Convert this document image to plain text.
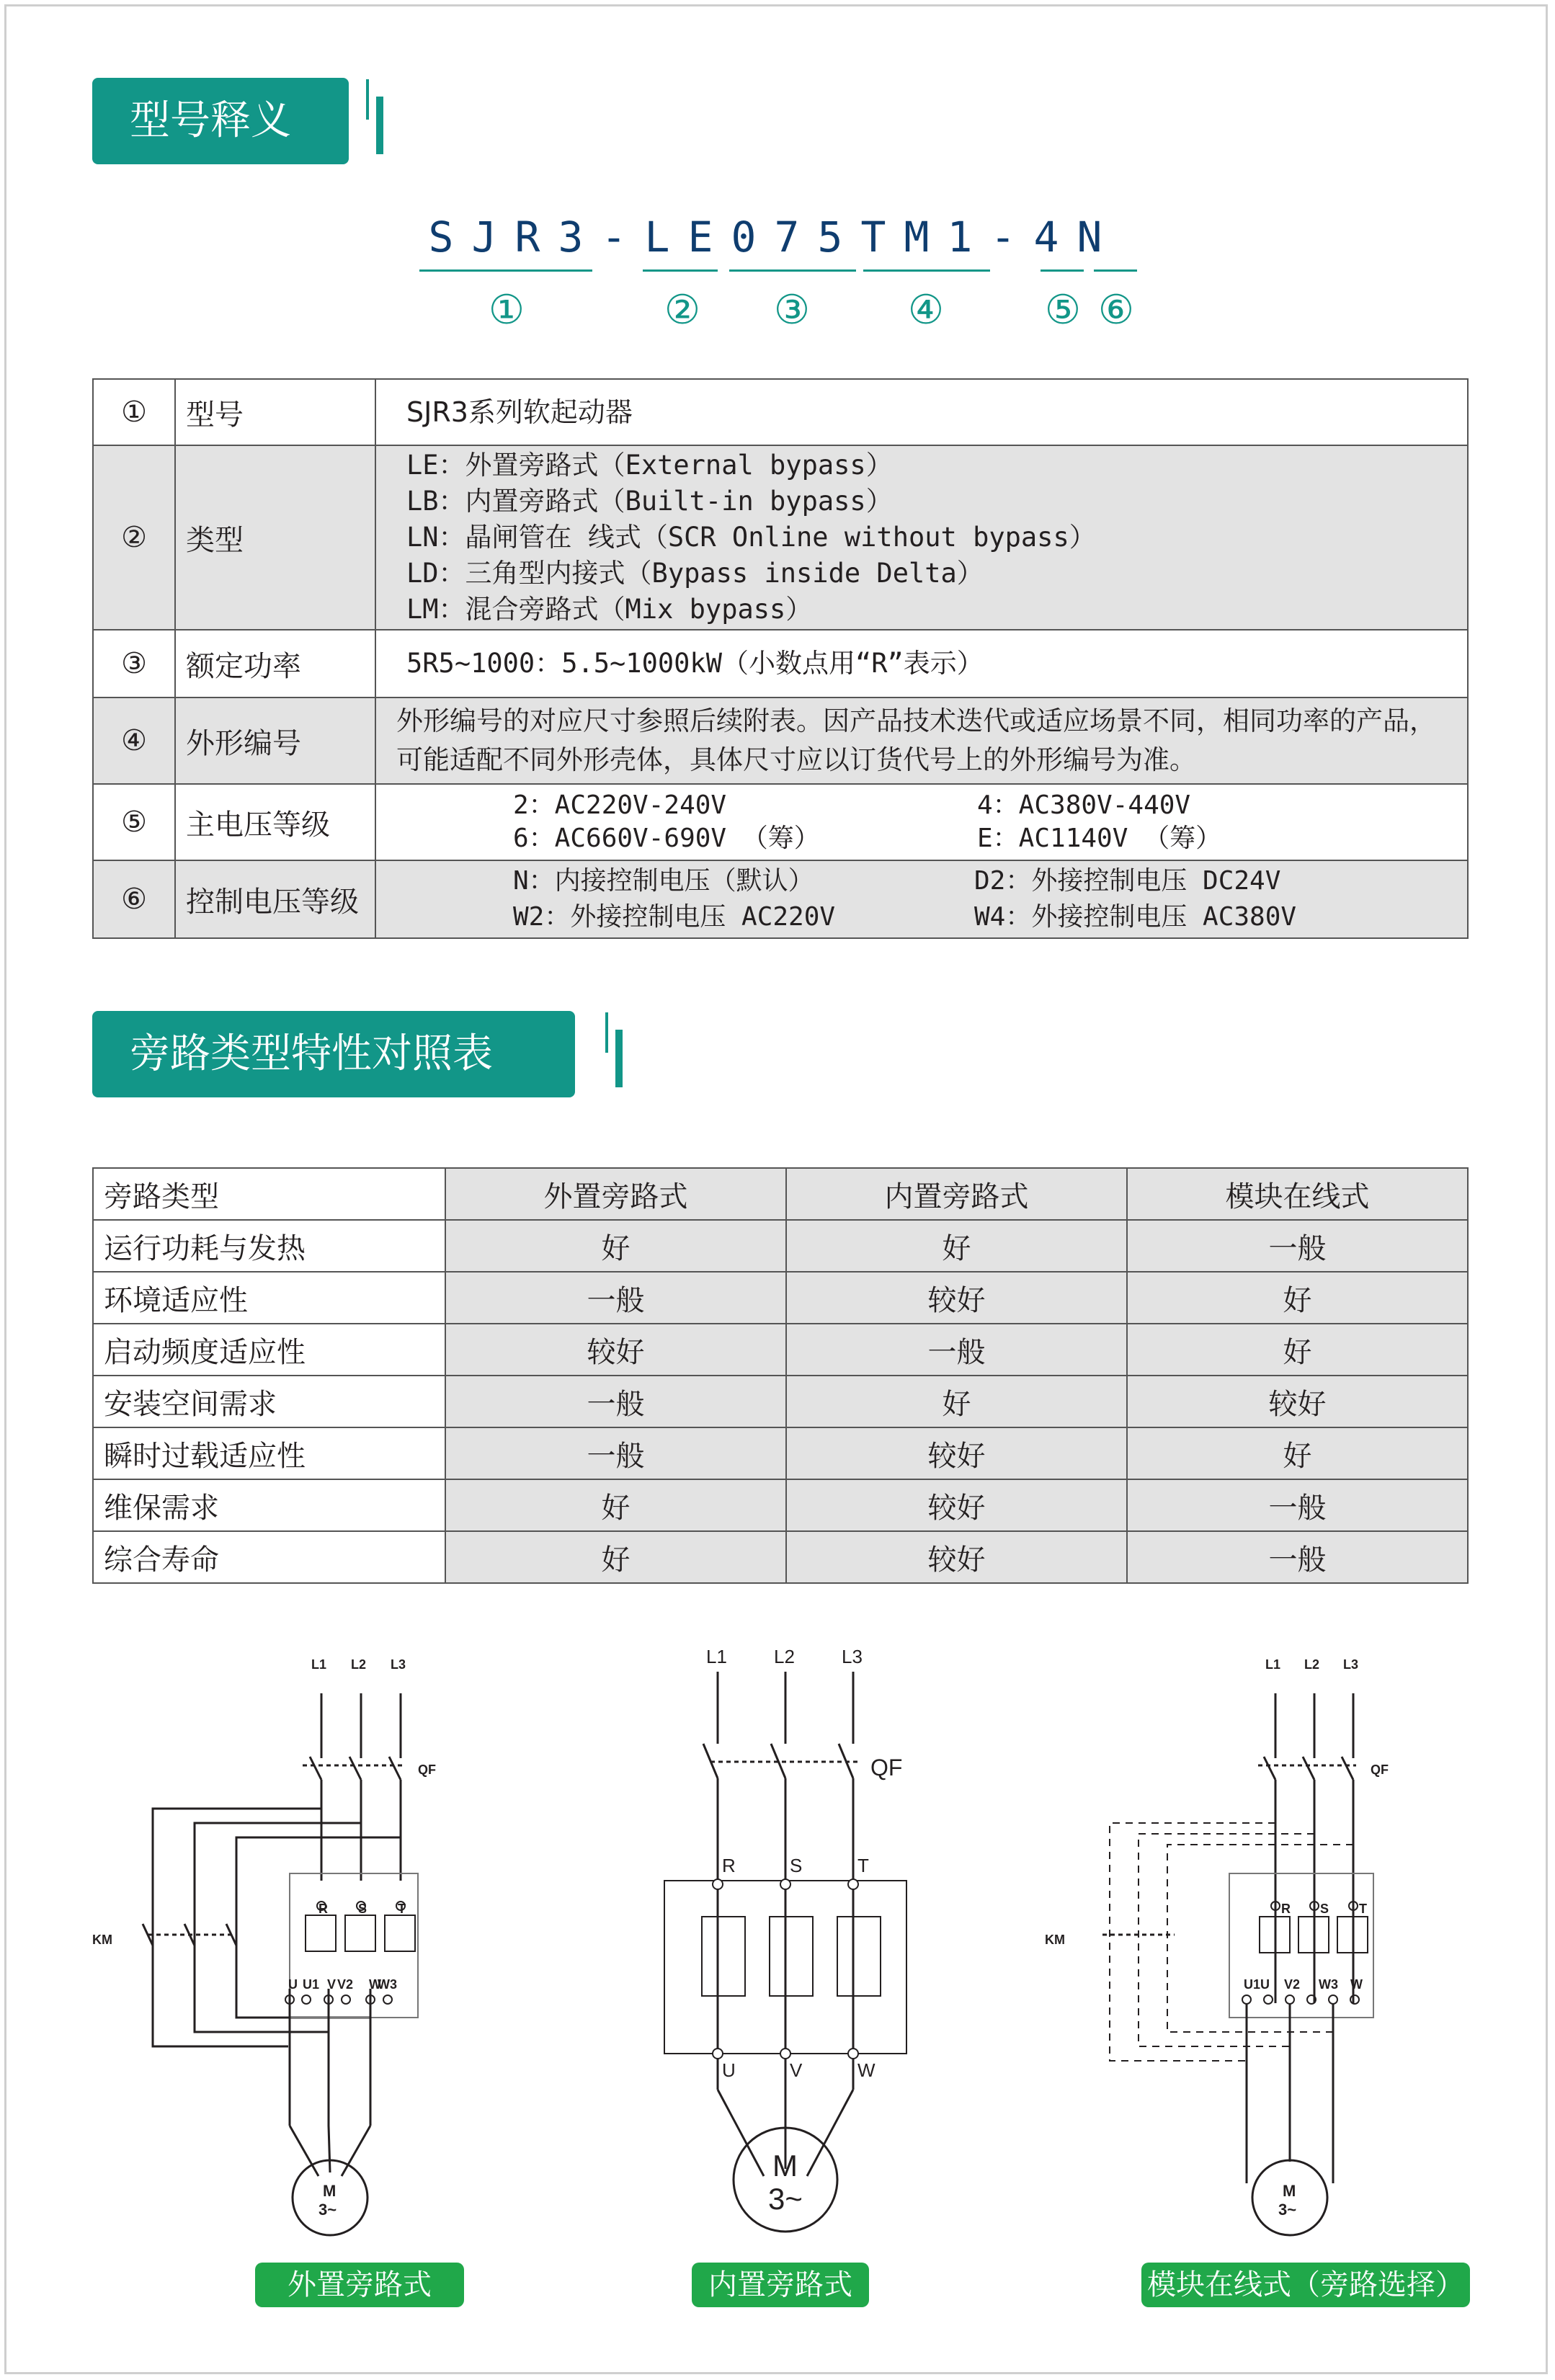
型号释义
S J R 3 - L E 0 7 5 T M 1 - 4 N
①	② ③ ④ ⑤ ⑥
①	型号	SJR3系列软起动器

②	类型	LE：外置旁路式（External bypass）
LB：内置旁路式（Built-in bypass）
LN：晶闸管在 线式（SCR Online without bypass）
LD：三角型内接式（Bypass inside Delta）
LM：混合旁路式（Mix bypass）

③	额定功率	5R5~1000：5.5~1000kW（小数点用“R”表示）

④	外形编号	外形编号的对应尺寸参照后续附表。因产品技术迭代或适应场景不同，相同功率的产品，
可能适配不同外形壳体，具体尺寸应以订货代号上的外形编号为准。

⑤	主电压等级	2：AC220V-240V
6：AC660V-690V （筹）
4：AC380V-440V
E：AC1140V （筹）

⑥	控制电压等级	N：内接控制电压（默认）
W2：外接控制电压 AC220V
D2：外接控制电压 DC24V
W4：外接控制电压 AC380V
旁路类型特性对照表
旁路类型	外置旁路式	内置旁路式	模块在线式
运行功耗与发热	好	好	一般
环境适应性	一般	较好	好
启动频度适应性	较好	一般	好
安装空间需求	一般	好	较好
瞬时过载适应性	一般	较好	好
维保需求	好	较好	一般
综合寿命	好	较好	一般
L1 L2 L3
QF
KM
R S T
U U1 V V2 W
W3
M
3~
外置旁路式
L1	L2	L3
QF
R	S	T
U	V	W
M
3~
内置旁路式
L1 L2 L3
QF
KM
R S T
U1U V2 W3 W
M
3~
模块在线式（旁路选择）
